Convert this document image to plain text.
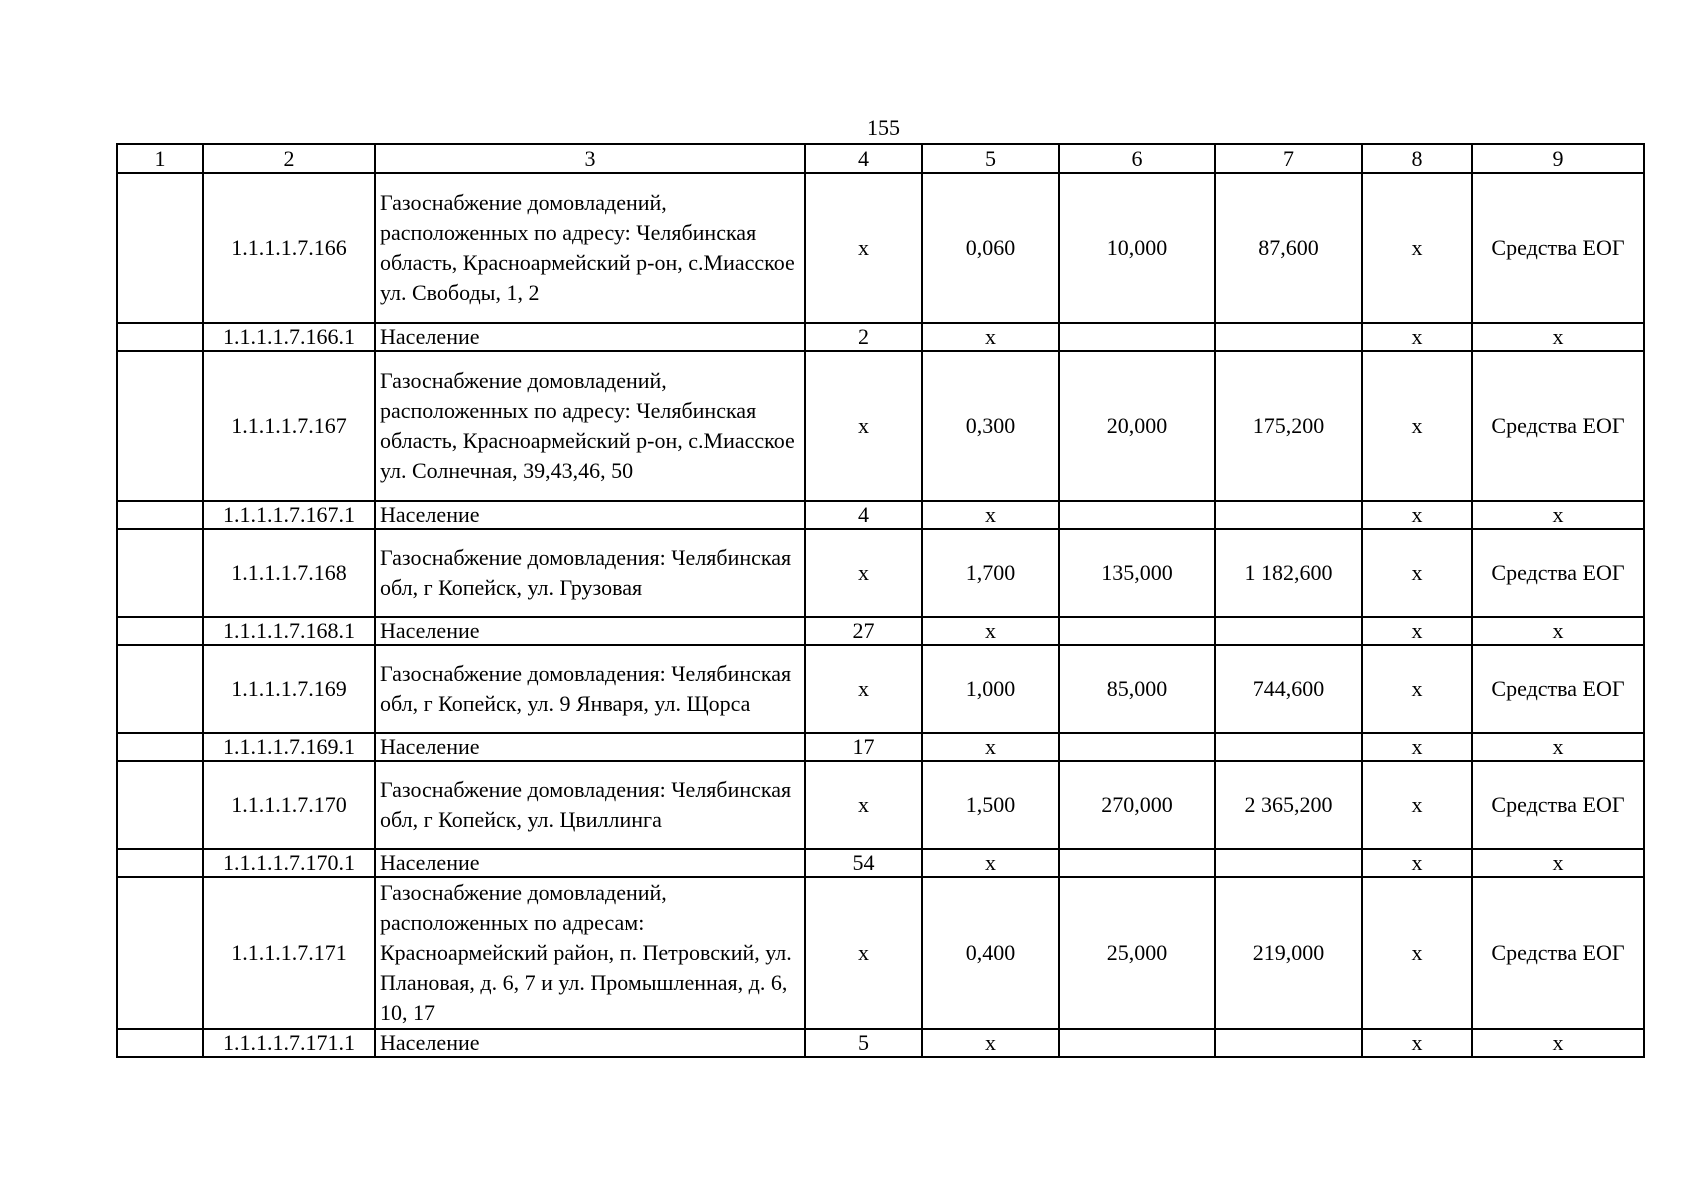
155
1	2	3	4	5	6	7	8	9
	1.1.1.1.7.166	Газоснабжение домовладений, расположенных по адресу: Челябинская область, Красноармейский р-он, с.Миасское ул. Свободы, 1, 2	x	0,060	10,000	87,600	x	Средства ЕОГ
	1.1.1.1.7.166.1	Население	2	x			x	x
	1.1.1.1.7.167	Газоснабжение домовладений, расположенных по адресу: Челябинская область, Красноармейский р-он, с.Миасское ул. Солнечная, 39,43,46, 50	x	0,300	20,000	175,200	x	Средства ЕОГ
	1.1.1.1.7.167.1	Население	4	x			x	x
	1.1.1.1.7.168	Газоснабжение домовладения: Челябинская обл, г Копейск, ул. Грузовая	x	1,700	135,000	1 182,600	x	Средства ЕОГ
	1.1.1.1.7.168.1	Население	27	x			x	x
	1.1.1.1.7.169	Газоснабжение домовладения: Челябинская обл, г Копейск, ул. 9 Января, ул. Щорса	x	1,000	85,000	744,600	x	Средства ЕОГ
	1.1.1.1.7.169.1	Население	17	x			x	x
	1.1.1.1.7.170	Газоснабжение домовладения: Челябинская обл, г Копейск, ул. Цвиллинга	x	1,500	270,000	2 365,200	x	Средства ЕОГ
	1.1.1.1.7.170.1	Население	54	x			x	x
	1.1.1.1.7.171	Газоснабжение домовладений, расположенных по адресам: Красноармейский район, п. Петровский, ул. Плановая, д. 6, 7 и ул. Промышленная, д. 6, 10, 17	x	0,400	25,000	219,000	x	Средства ЕОГ
	1.1.1.1.7.171.1	Население	5	x			x	x
